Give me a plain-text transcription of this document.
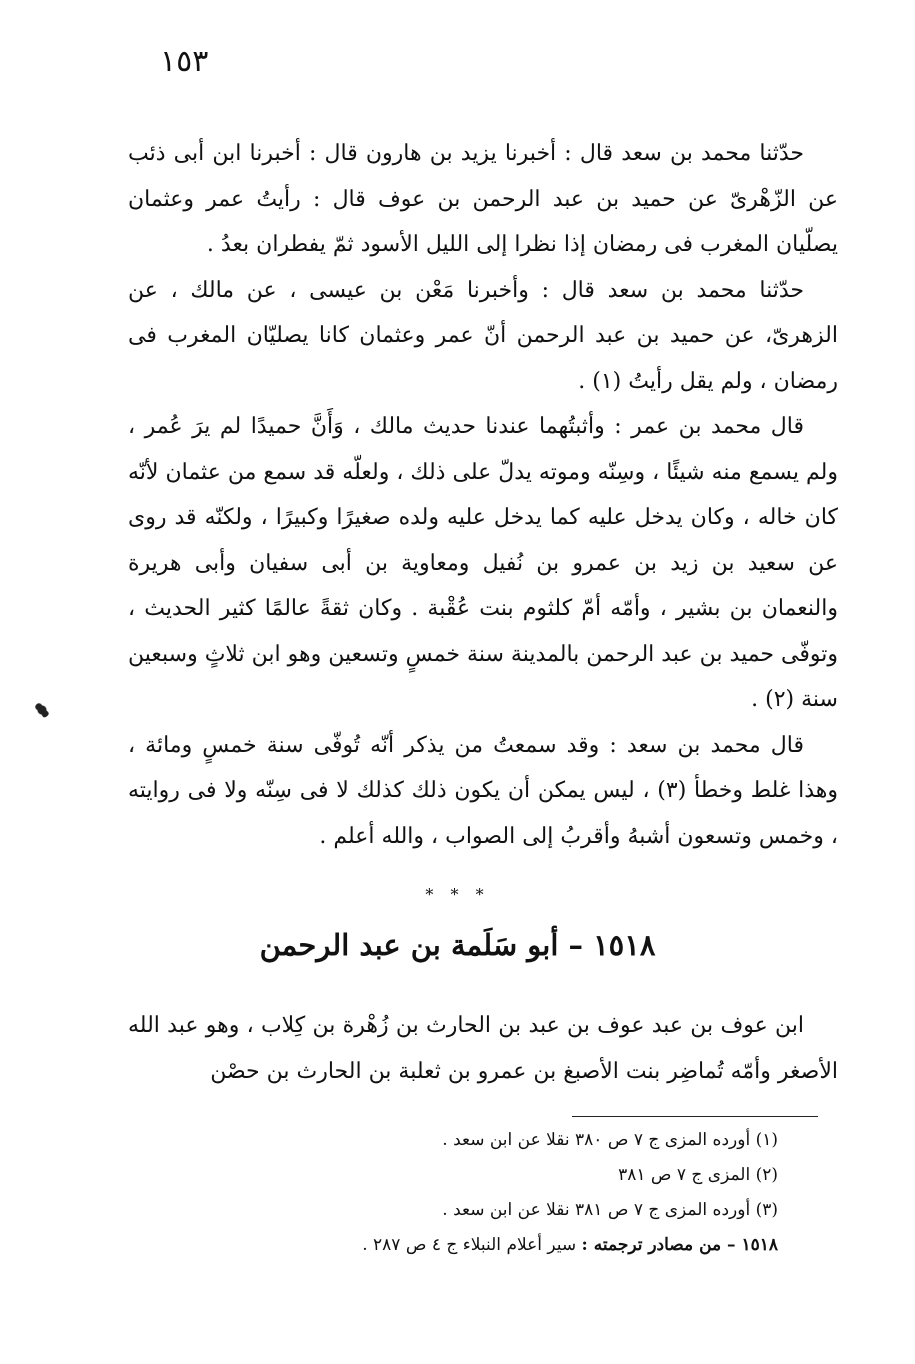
١٥٣

حدّثنا محمد بن سعد قال : أخبرنا يزيد بن هارون قال : أخبرنا ابن أبى ذئب عن الزّهْرىّ عن حميد بن عبد الرحمن بن عوف قال : رأيتُ عمر وعثمان يصلّيان المغرب فى رمضان إذا نظرا إلى الليل الأسود ثمّ يفطران بعدُ .

حدّثنا محمد بن سعد قال : وأخبرنا مَعْن بن عيسى ، عن مالك ، عن الزهرىّ، عن حميد بن عبد الرحمن أنّ عمر وعثمان كانا يصليّان المغرب فى رمضان ، ولم يقل رأيتُ (١) .

قال محمد بن عمر : وأثبتُهما عندنا حديث مالك ، وَأَنَّ حميدًا لم يرَ عُمر ، ولم يسمع منه شيئًا ، وسِنّه وموته يدلّ على ذلك ، ولعلّه قد سمع من عثمان لأنّه كان خاله ، وكان يدخل عليه كما يدخل عليه ولده صغيرًا وكبيرًا ، ولكنّه قد روى عن سعيد بن زيد بن عمرو بن نُفيل ومعاوية بن أبى سفيان وأبى هريرة والنعمان بن بشير ، وأمّه أمّ كلثوم بنت عُقْبة . وكان ثقةً عالمًا كثير الحديث ، وتوفّى حميد بن عبد الرحمن بالمدينة سنة خمسٍ وتسعين وهو ابن ثلاثٍ وسبعين سنة (٢) .

قال محمد بن سعد : وقد سمعتُ من يذكر أنّه تُوفّى سنة خمسٍ ومائة ، وهذا غلط وخطأ (٣) ، ليس يمكن أن يكون ذلك كذلك لا فى سِنّه ولا فى روايته ، وخمس وتسعون أشبهُ وأقربُ إلى الصواب ، والله أعلم .

* * *
١٥١٨ – أبو سَلَمة بن عبد الرحمن

ابن عوف بن عبد عوف بن عبد بن الحارث بن زُهْرة بن كِلاب ، وهو عبد الله الأصغر وأمّه تُماضِر بنت الأصبغ بن عمرو بن ثعلبة بن الحارث بن حصْن

(١) أورده المزى ج ٧ ص ٣٨٠ نقلا عن ابن سعد .
(٢) المزى ج ٧ ص ٣٨١
(٣) أورده المزى ج ٧ ص ٣٨١ نقلا عن ابن سعد .
١٥١٨ – من مصادر ترجمته : سير أعلام النبلاء ج ٤ ص ٢٨٧ .
